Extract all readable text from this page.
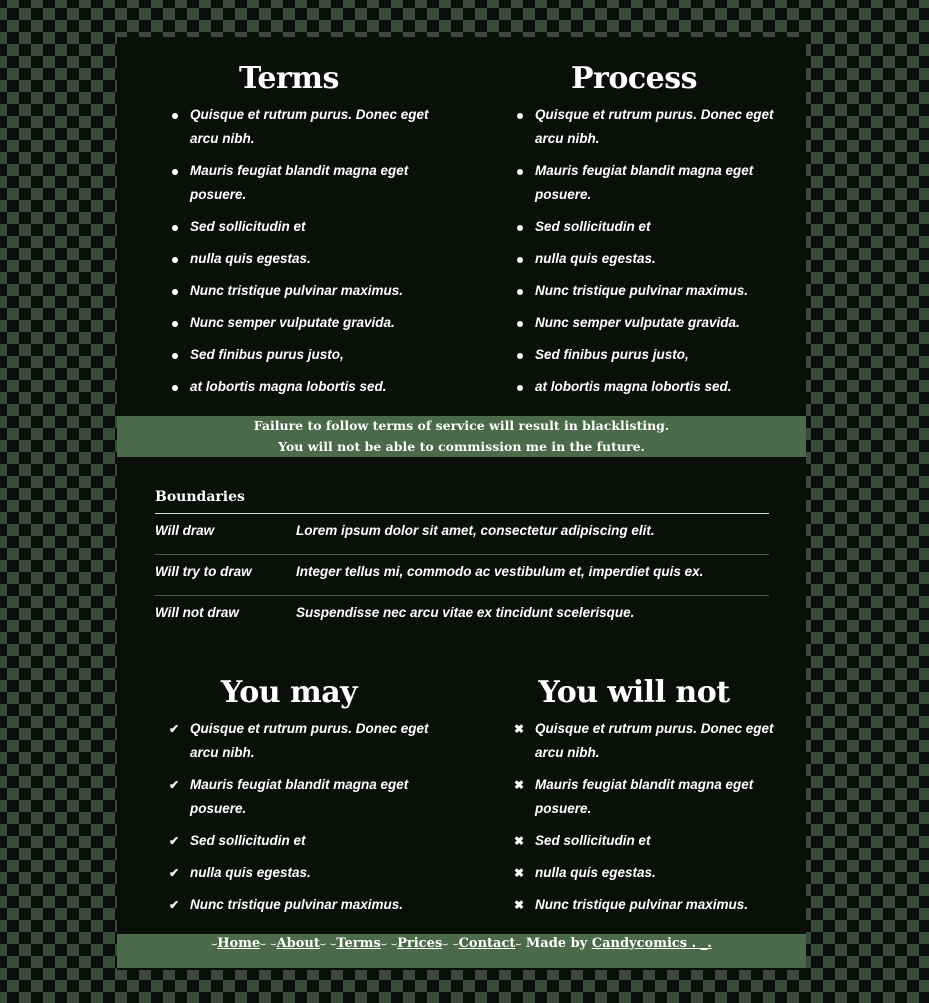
Terms
Quisque et rutrum purus. Donec eget arcu nibh.
Mauris feugiat blandit magna eget posuere.
Sed sollicitudin et
nulla quis egestas.
Nunc tristique pulvinar maximus.
Nunc semper vulputate gravida.
Sed finibus purus justo,
at lobortis magna lobortis sed.
Process
Quisque et rutrum purus. Donec eget arcu nibh.
Mauris feugiat blandit magna eget posuere.
Sed sollicitudin et
nulla quis egestas.
Nunc tristique pulvinar maximus.
Nunc semper vulputate gravida.
Sed finibus purus justo,
at lobortis magna lobortis sed.
Failure to follow terms of service will result in blacklisting.
You will not be able to commission me in the future.
Boundaries
Will draw	Lorem ipsum dolor sit amet, consectetur adipiscing elit.
Will try to draw	Integer tellus mi, commodo ac vestibulum et, imperdiet quis ex.
Will not draw	Suspendisse nec arcu vitae ex tincidunt scelerisque.
You may
✔ Quisque et rutrum purus. Donec eget arcu nibh.
✔ Mauris feugiat blandit magna eget posuere.
✔ Sed sollicitudin et
✔ nulla quis egestas.
✔ Nunc tristique pulvinar maximus.
You will not
✖ Quisque et rutrum purus. Donec eget arcu nibh.
✖ Mauris feugiat blandit magna eget posuere.
✖ Sed sollicitudin et
✖ nulla quis egestas.
✖ Nunc tristique pulvinar maximus.
⌣Home⌣ ⌣About⌣ ⌣Terms⌣ ⌣Prices⌣ ⌣Contact⌣ Made by Candycomics . _.
